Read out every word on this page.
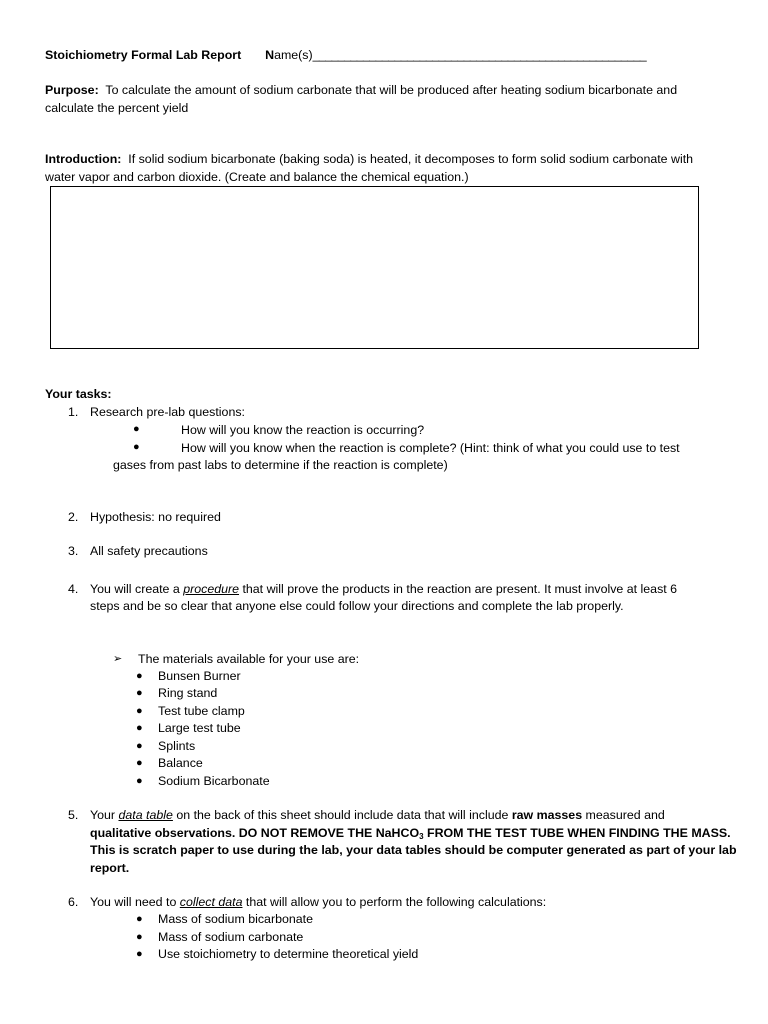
Stoichiometry Formal Lab Report Name(s)_____________________________________________________
Purpose: To calculate the amount of sodium carbonate that will be produced after heating sodium bicarbonate and
calculate the percent yield
Introduction: If solid sodium bicarbonate (baking soda) is heated, it decomposes to form solid sodium carbonate with
water vapor and carbon dioxide. (Create and balance the chemical equation.)
Your tasks:
1. Research pre-lab questions:
●	How will you know the reaction is occurring?
●	How will you know when the reaction is complete? (Hint: think of what you could use to test
gases from past labs to determine if the reaction is complete)
2. Hypothesis: no required
3. All safety precautions
4. You will create a procedure that will prove the products in the reaction are present. It must involve at least 6
steps and be so clear that anyone else could follow your directions and complete the lab properly.
➢ The materials available for your use are:
● Bunsen Burner
● Ring stand
● Test tube clamp
● Large test tube
● Splints
● Balance
● Sodium Bicarbonate
5. Your data table on the back of this sheet should include data that will include raw masses measured and
qualitative observations. DO NOT REMOVE THE NaHCO$_3$ FROM THE TEST TUBE WHEN FINDING THE MASS.
This is scratch paper to use during the lab, your data tables should be computer generated as part of your lab
report.
6. You will need to collect data that will allow you to perform the following calculations:
● Mass of sodium bicarbonate
● Mass of sodium carbonate
● Use stoichiometry to determine theoretical yield
